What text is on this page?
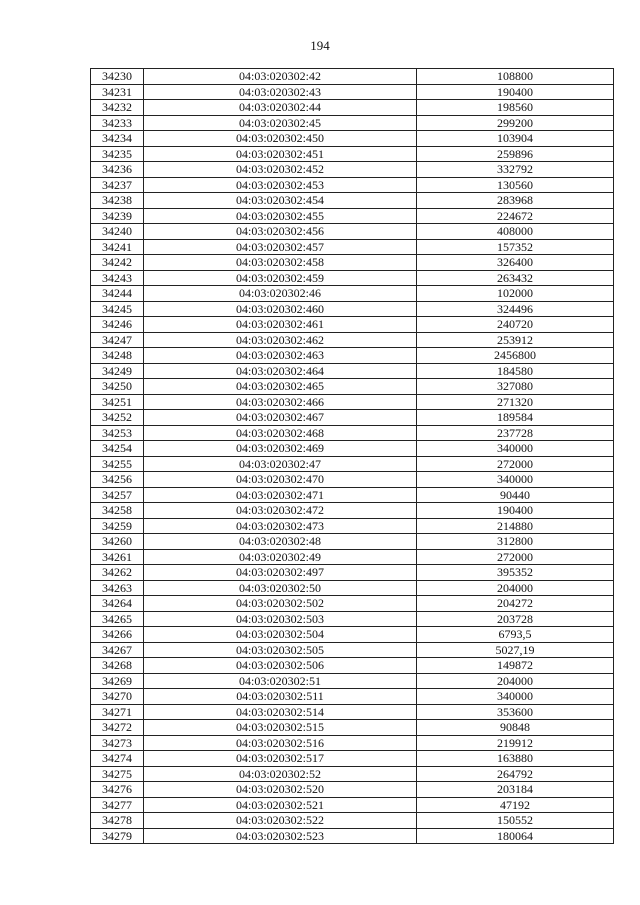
194
34230	04:03:020302:42	108800
34231	04:03:020302:43	190400
34232	04:03:020302:44	198560
34233	04:03:020302:45	299200
34234	04:03:020302:450	103904
34235	04:03:020302:451	259896
34236	04:03:020302:452	332792
34237	04:03:020302:453	130560
34238	04:03:020302:454	283968
34239	04:03:020302:455	224672
34240	04:03:020302:456	408000
34241	04:03:020302:457	157352
34242	04:03:020302:458	326400
34243	04:03:020302:459	263432
34244	04:03:020302:46	102000
34245	04:03:020302:460	324496
34246	04:03:020302:461	240720
34247	04:03:020302:462	253912
34248	04:03:020302:463	2456800
34249	04:03:020302:464	184580
34250	04:03:020302:465	327080
34251	04:03:020302:466	271320
34252	04:03:020302:467	189584
34253	04:03:020302:468	237728
34254	04:03:020302:469	340000
34255	04:03:020302:47	272000
34256	04:03:020302:470	340000
34257	04:03:020302:471	90440
34258	04:03:020302:472	190400
34259	04:03:020302:473	214880
34260	04:03:020302:48	312800
34261	04:03:020302:49	272000
34262	04:03:020302:497	395352
34263	04:03:020302:50	204000
34264	04:03:020302:502	204272
34265	04:03:020302:503	203728
34266	04:03:020302:504	6793,5
34267	04:03:020302:505	5027,19
34268	04:03:020302:506	149872
34269	04:03:020302:51	204000
34270	04:03:020302:511	340000
34271	04:03:020302:514	353600
34272	04:03:020302:515	90848
34273	04:03:020302:516	219912
34274	04:03:020302:517	163880
34275	04:03:020302:52	264792
34276	04:03:020302:520	203184
34277	04:03:020302:521	47192
34278	04:03:020302:522	150552
34279	04:03:020302:523	180064
